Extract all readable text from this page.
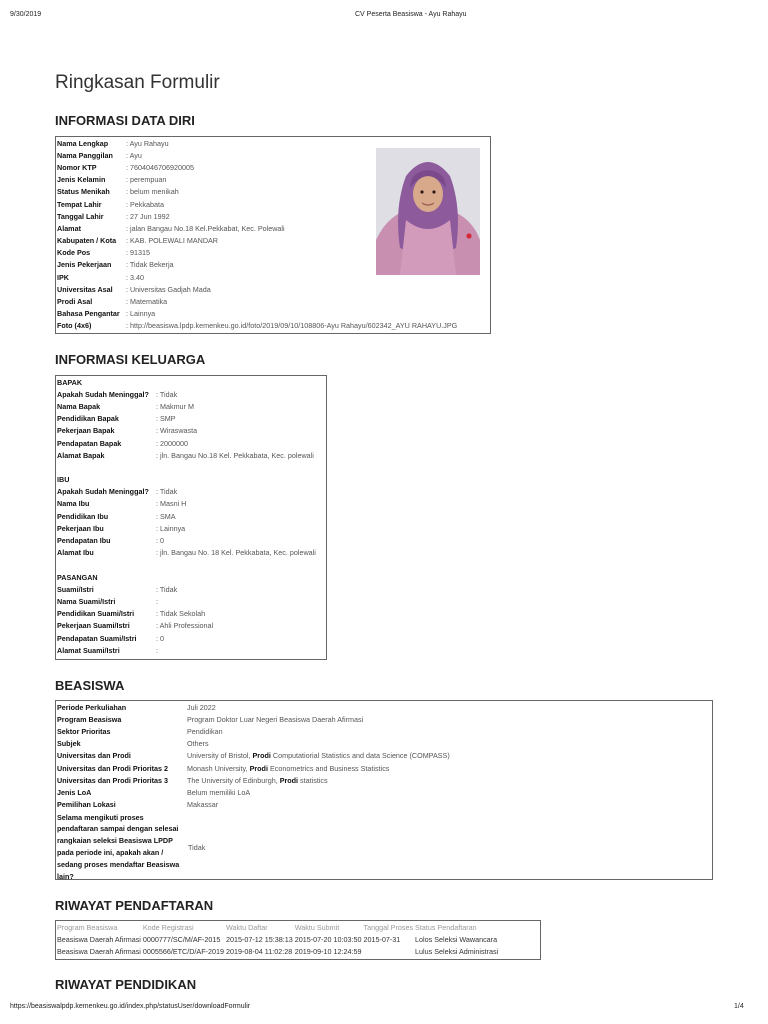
9/30/2019	CV Peserta Beasiswa - Ayu Rahayu
Ringkasan Formulir
INFORMASI DATA DIRI
Nama Lengkap	: Ayu Rahayu
Nama Panggilan	: Ayu
Nomor KTP	: 7604046706920005
Jenis Kelamin	: perempuan
Status Menikah	: belum menikah
Tempat Lahir	: Pekkabata
Tanggal Lahir	: 27 Jun 1992
Alamat	: jalan Bangau No.18 Kel.Pekkabat, Kec. Polewali
Kabupaten / Kota	: KAB. POLEWALI MANDAR
Kode Pos	: 91315
Jenis Pekerjaan	: Tidak Bekerja
IPK	: 3.40
Universitas Asal	: Universitas Gadjah Mada
Prodi Asal	: Matematika
Bahasa Pengantar	: Lainnya
Foto (4x6)	: http://beasiswa.lpdp.kemenkeu.go.id/foto/2019/09/10/108806-Ayu Rahayu/602342_AYU RAHAYU.JPG
INFORMASI KELUARGA
BAPAK	
Apakah Sudah Meninggal?	: Tidak
Nama Bapak	: Makmur M
Pendidikan Bapak	: SMP
Pekerjaan Bapak	: Wiraswasta
Pendapatan Bapak	: 2000000
Alamat Bapak	: jln. Bangau No.18 Kel. Pekkabata, Kec. polewali

IBU	
Apakah Sudah Meninggal?	: Tidak
Nama Ibu	: Masni H
Pendidikan Ibu	: SMA
Pekerjaan Ibu	: Lainnya
Pendapatan Ibu	: 0
Alamat Ibu	: jln. Bangau No. 18 Kel. Pekkabata, Kec. polewali

PASANGAN	
Suami/Istri	: Tidak
Nama Suami/Istri	:
Pendidikan Suami/Istri	: Tidak Sekolah
Pekerjaan Suami/Istri	: Ahli Professional
Pendapatan Suami/Istri	: 0
Alamat Suami/Istri	:
BEASISWA
Periode Perkuliahan	Juli 2022
Program Beasiswa	Program Doktor Luar Negeri Beasiswa Daerah Afirmasi
Sektor Prioritas	Pendidikan
Subjek	Others
Universitas dan Prodi	University of Bristol, Prodi Computatiorial Statistics and data Science (COMPASS)
Universitas dan Prodi Prioritas 2	Monash University, Prodi Econometrics and Business Statistics
Universitas dan Prodi Prioritas 3	The University of Edinburgh, Prodi statistics
Jenis LoA	Belum memiliki LoA
Pemilihan Lokasi	Makassar
Selama mengikuti proses
pendaftaran sampai dengan selesai
rangkaian seleksi Beasiswa LPDP
pada periode ini, apakah akan /
sedang proses mendaftar Beasiswa
lain?
	Tidak
RIWAYAT PENDAFTARAN
Program Beasiswa	Kode Registrasi	Waktu Daftar	Waktu Submit	Tanggal Proses	Status Pendaftaran
Beasiswa Daerah Afirmasi	0000777/SC/M/AF-2015	2015-07-12 15:38:13	2015-07-20 10:03:50	2015-07-31	Lolos Seleksi Wawancara
Beasiswa Daerah Afirmasi	0005566/ETC/D/AF-2019	2019-08-04 11:02:28	2019-09-10 12:24:59		Lulus Seleksi Administrasi
RIWAYAT PENDIDIKAN
https://beasiswalpdp.kemenkeu.go.id/index.php/statusUser/downloadFormulir	1/4
